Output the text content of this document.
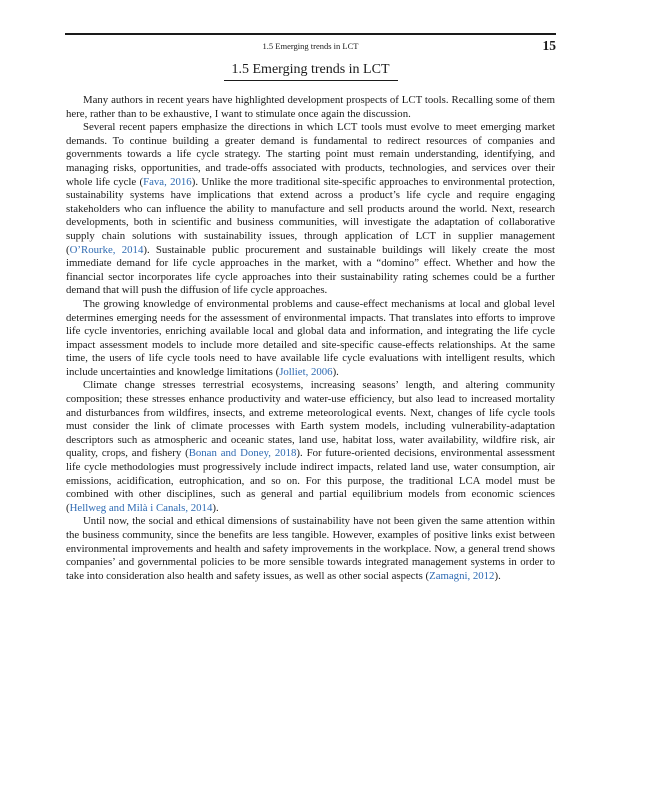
1.5 Emerging trends in LCT	15
1.5 Emerging trends in LCT

Many authors in recent years have highlighted development prospects of LCT tools. Recalling some of them here, rather than to be exhaustive, I want to stimulate once again the discussion.

Several recent papers emphasize the directions in which LCT tools must evolve to meet emerging market demands. To continue building a greater demand is fundamental to redirect resources of companies and governments towards a life cycle strategy. The starting point must remain understanding, identifying, and managing risks, opportunities, and trade-offs associated with products, technologies, and services over their whole life cycle (Fava, 2016). Unlike the more traditional site-specific approaches to environmental protection, sustainability systems have implications that extend across a product’s life cycle and require engaging stakeholders who can influence the ability to manufacture and sell products around the world. Next, research developments, both in scientific and business communities, will investigate the adaptation of collaborative supply chain solutions with sustainability issues, through application of LCT in supplier management (O’Rourke, 2014). Sustainable public procurement and sustainable buildings will likely create the most immediate demand for life cycle approaches in the market, with a “domino” effect. Whether and how the financial sector incorporates life cycle approaches into their sustainability rating schemes could be a further demand that will push the diffusion of life cycle approaches.

The growing knowledge of environmental problems and cause-effect mechanisms at local and global level determines emerging needs for the assessment of environmental impacts. That translates into efforts to improve life cycle inventories, enriching available local and global data and information, and integrating the life cycle impact assessment models to include more detailed and site-specific cause-effects relationships. At the same time, the users of life cycle tools need to have available life cycle evaluations with intelligent results, which include uncertainties and knowledge limitations (Jolliet, 2006).

Climate change stresses terrestrial ecosystems, increasing seasons’ length, and altering community composition; these stresses enhance productivity and water-use efficiency, but also lead to increased mortality and disturbances from wildfires, insects, and extreme meteorological events. Next, changes of life cycle tools must consider the link of climate processes with Earth system models, including vulnerability-adaptation descriptors such as atmospheric and oceanic states, land use, habitat loss, water availability, wildfire risk, air quality, crops, and fishery (Bonan and Doney, 2018). For future-oriented decisions, environmental assessment life cycle methodologies must progressively include indirect impacts, related land use, water consumption, air emissions, acidification, eutrophication, and so on. For this purpose, the traditional LCA model must be combined with other disciplines, such as general and partial equilibrium models from economic sciences (Hellweg and Milà i Canals, 2014).

Until now, the social and ethical dimensions of sustainability have not been given the same attention within the business community, since the benefits are less tangible. However, examples of positive links exist between environmental improvements and health and safety improvements in the workplace. Now, a general trend shows companies’ and governmental policies to be more sensible towards integrated management systems in order to take into consideration also health and safety issues, as well as other social aspects (Zamagni, 2012).
